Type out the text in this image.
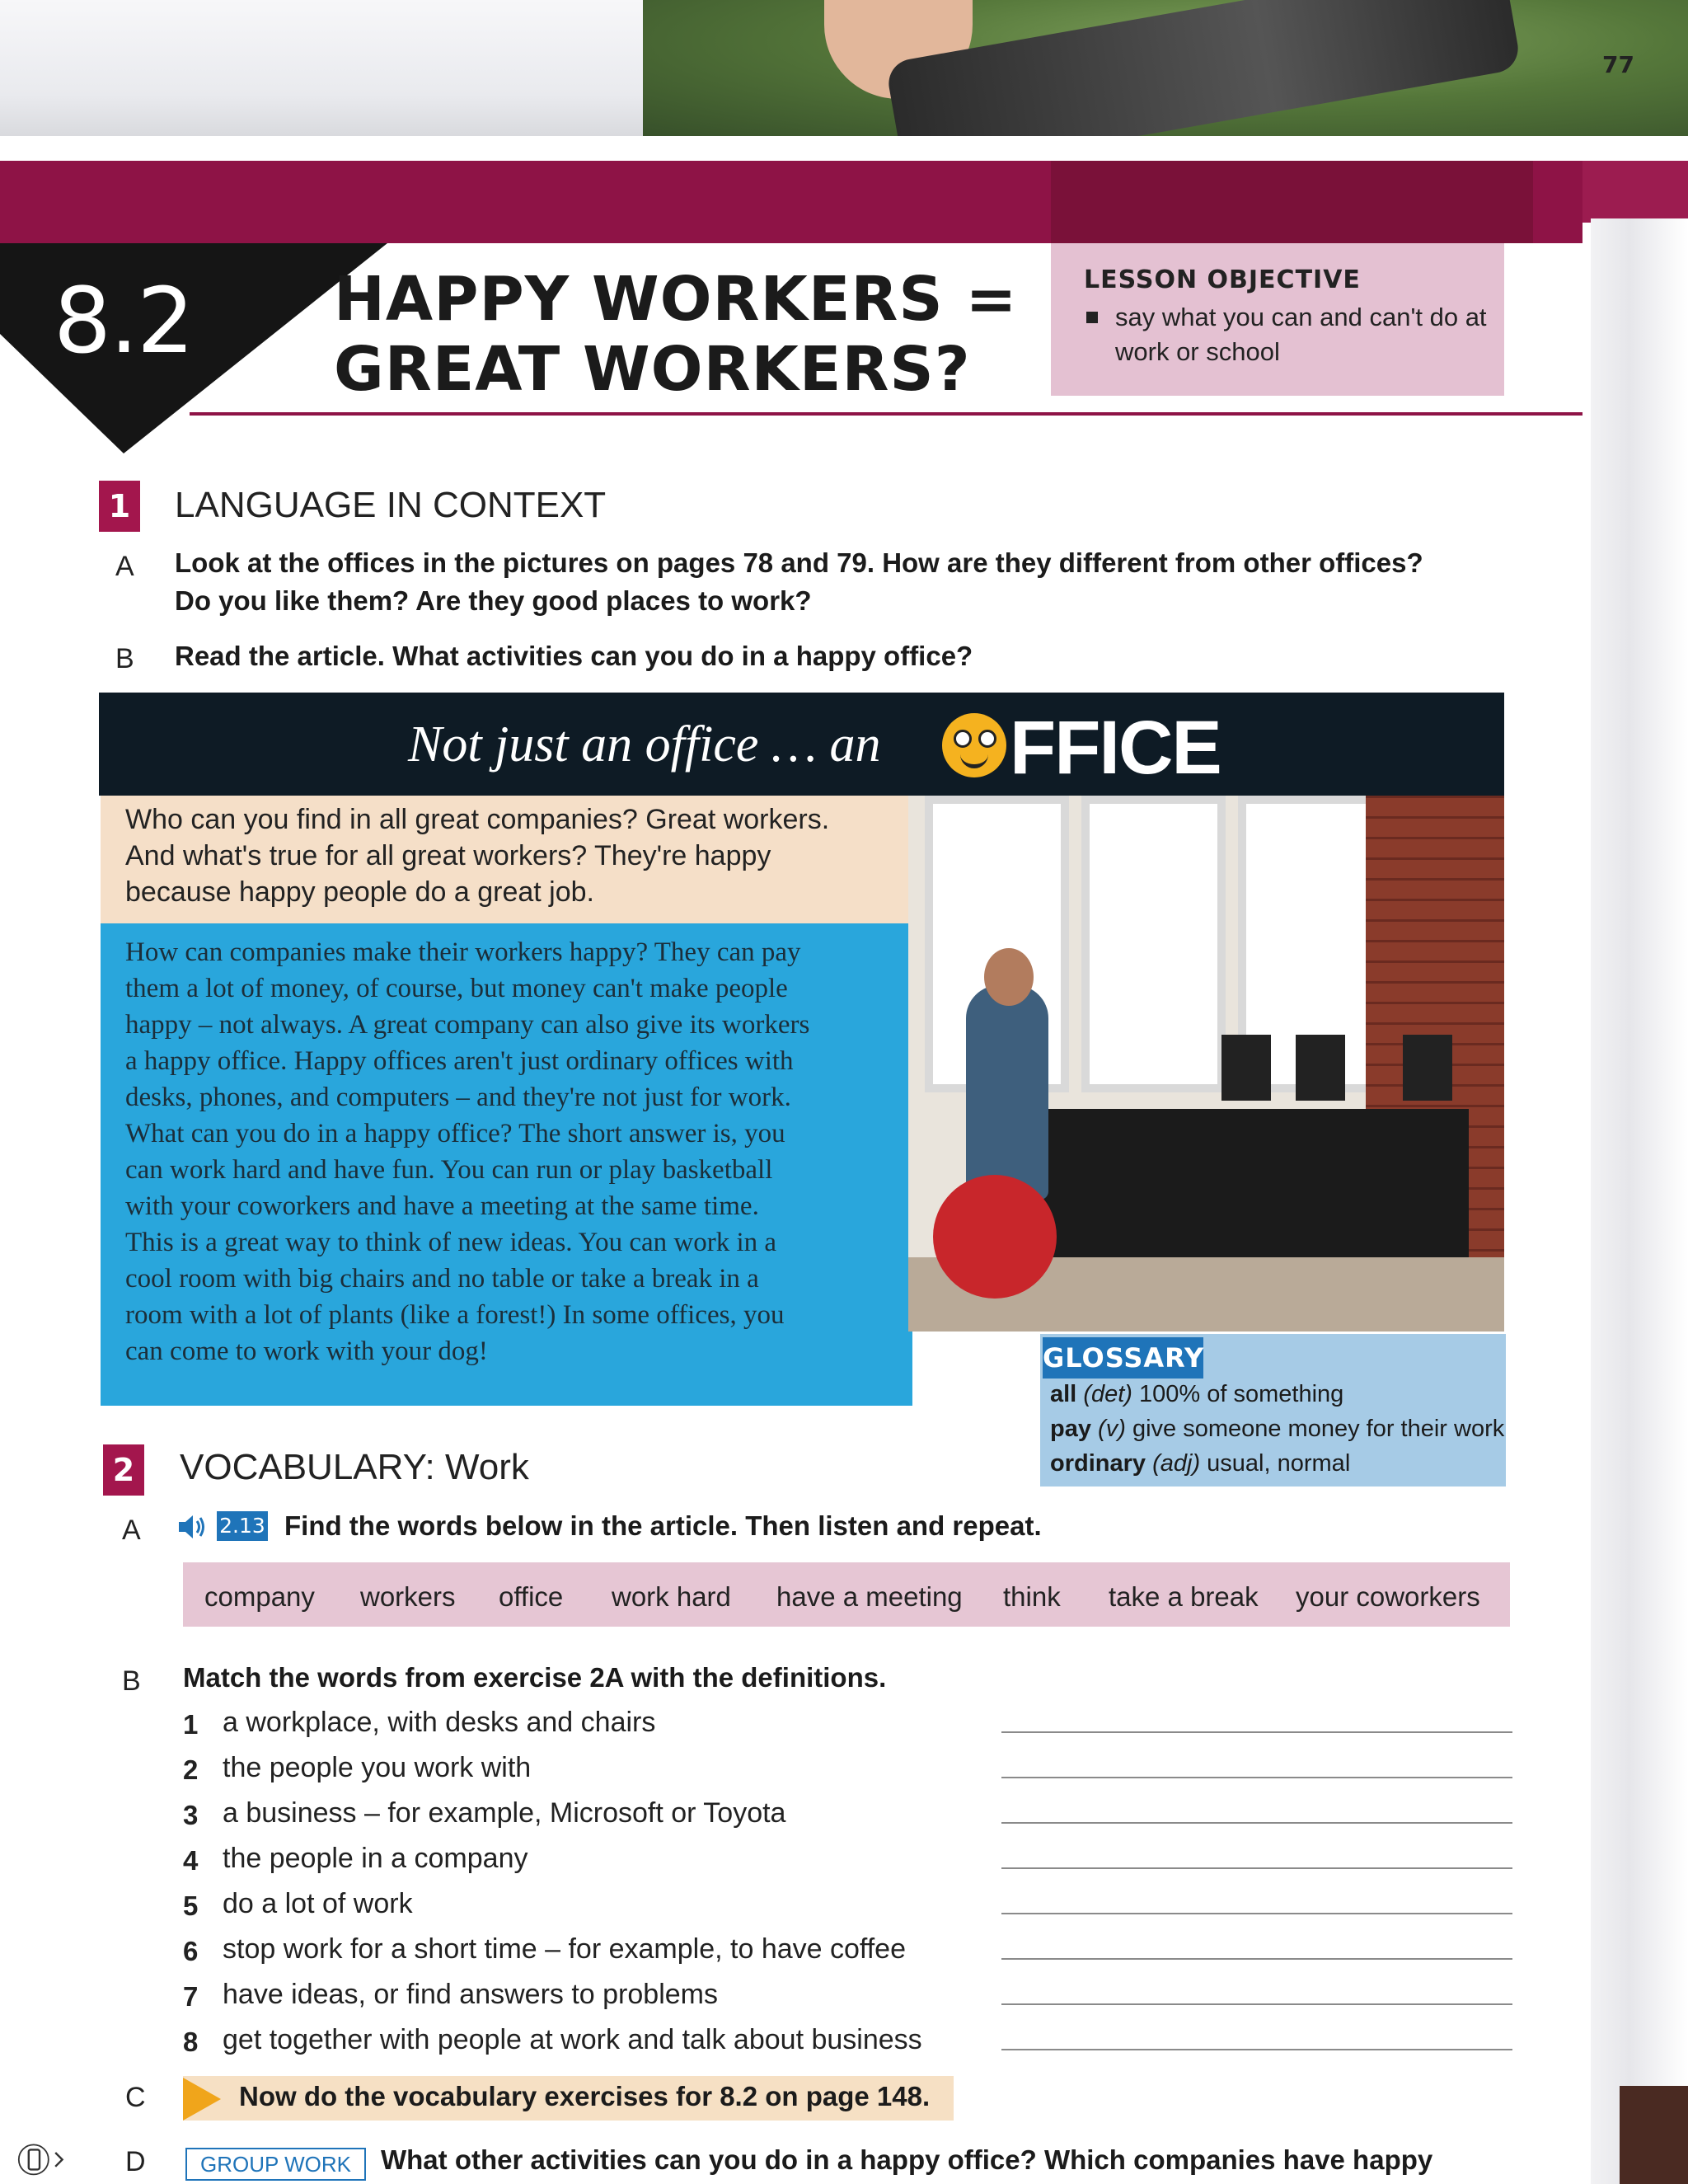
77
8.2 HAPPY WORKERS =
GREAT WORKERS?
LESSON OBJECTIVE
say what you can and can't do at work or school
1 LANGUAGE IN CONTEXT
A Look at the offices in the pictures on pages 78 and 79. How are they different from other offices?
Do you like them? Are they good places to work?
B Read the article. What activities can you do in a happy office?
Not just an office … an FFICE
Who can you find in all great companies? Great workers.
And what's true for all great workers? They're happy
because happy people do a great job.
How can companies make their workers happy? They can pay
them a lot of money, of course, but money can't make people
happy – not always. A great company can also give its workers
a happy office. Happy offices aren't just ordinary offices with
desks, phones, and computers – and they're not just for work.
What can you do in a happy office? The short answer is, you
can work hard and have fun. You can run or play basketball
with your coworkers and have a meeting at the same time.
This is a great way to think of new ideas. You can work in a
cool room with big chairs and no table or take a break in a
room with a lot of plants (like a forest!) In some offices, you
can come to work with your dog!	GLOSSARY
all (det) 100% of something
pay (v) give someone money for their work
ordinary (adj) usual, normal
2 VOCABULARY: Work
A	2.13 Find the words below in the article. Then listen and repeat.
company workers office work hard have a meeting think take a break your coworkers
B Match the words from exercise 2A with the definitions.
1 a workplace, with desks and chairs
2 the people you work with
3 a business – for example, Microsoft or Toyota
4 the people in a company
5 do a lot of work
6 stop work for a short time – for example, to have coffee
7 have ideas, or find answers to problems
8 get together with people at work and talk about business
C	Now do the vocabulary exercises for 8.2 on page 148.
D	GROUP WORK	What other activities can you do in a happy office? Which companies have happy
